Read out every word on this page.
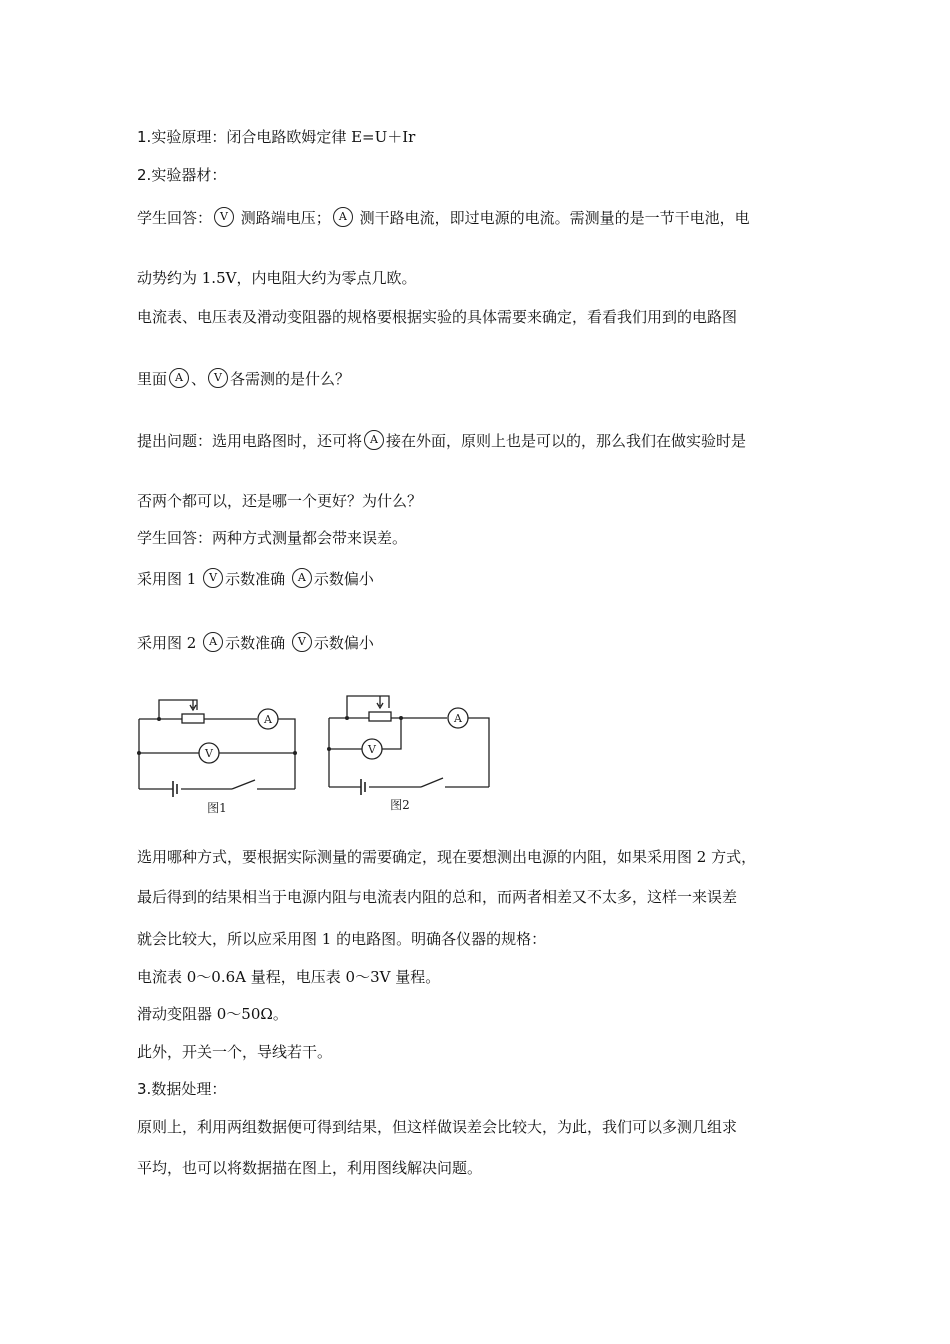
1.实验原理：闭合电路欧姆定律 E=U＋Ir
2.实验器材：
学生回答： V 测路端电压； A 测干路电流，即过电源的电流。需测量的是一节干电池，电
动势约为 1.5V，内电阻大约为零点几欧。
电流表、电压表及滑动变阻器的规格要根据实验的具体需要来确定，看看我们用到的电路图
里面 A 、 V 各需测的是什么？
提出问题：选用电路图时，还可将 A 接在外面，原则上也是可以的，那么我们在做实验时是
否两个都可以，还是哪一个更好？为什么？
学生回答：两种方式测量都会带来误差。
采用图 1 V 示数准确 A 示数偏小
采用图 2 A 示数准确 V 示数偏小
A
V
A
V
图1	图2
选用哪种方式，要根据实际测量的需要确定，现在要想测出电源的内阻，如果采用图 2 方式，
最后得到的结果相当于电源内阻与电流表内阻的总和，而两者相差又不太多，这样一来误差
就会比较大，所以应采用图 1 的电路图。明确各仪器的规格：
电流表 0～0.6A 量程，电压表 0～3V 量程。
滑动变阻器 0～50Ω。
此外，开关一个，导线若干。
3.数据处理：
原则上，利用两组数据便可得到结果，但这样做误差会比较大，为此，我们可以多测几组求
平均，也可以将数据描在图上，利用图线解决问题。
